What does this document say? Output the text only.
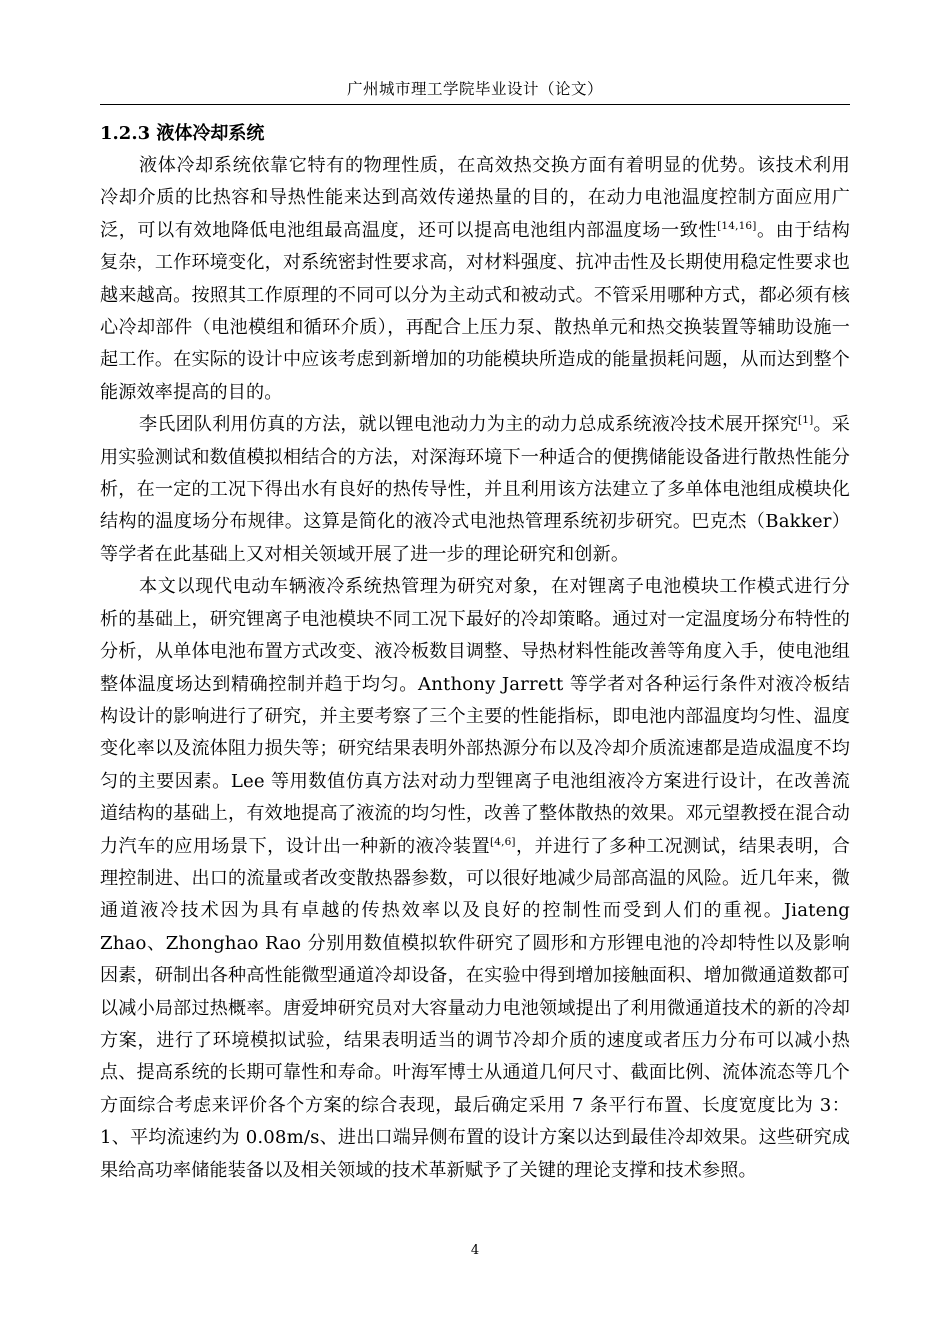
广州城市理工学院毕业设计（论文）
1.2.3 液体冷却系统

液体冷却系统依靠它特有的物理性质，在高效热交换方面有着明显的优势。该技术利用冷却介质的比热容和导热性能来达到高效传递热量的目的，在动力电池温度控制方面应用广泛，可以有效地降低电池组最高温度，还可以提高电池组内部温度场一致性[14,16]。由于结构复杂，工作环境变化，对系统密封性要求高，对材料强度、抗冲击性及长期使用稳定性要求也越来越高。按照其工作原理的不同可以分为主动式和被动式。不管采用哪种方式，都必须有核心冷却部件（电池模组和循环介质），再配合上压力泵、散热单元和热交换装置等辅助设施一起工作。在实际的设计中应该考虑到新增加的功能模块所造成的能量损耗问题，从而达到整个能源效率提高的目的。

李氏团队利用仿真的方法，就以锂电池动力为主的动力总成系统液冷技术展开探究[1]。采用实验测试和数值模拟相结合的方法，对深海环境下一种适合的便携储能设备进行散热性能分析，在一定的工况下得出水有良好的热传导性，并且利用该方法建立了多单体电池组成模块化结构的温度场分布规律。这算是简化的液冷式电池热管理系统初步研究。巴克杰（Bakker）等学者在此基础上又对相关领域开展了进一步的理论研究和创新。

本文以现代电动车辆液冷系统热管理为研究对象，在对锂离子电池模块工作模式进行分析的基础上，研究锂离子电池模块不同工况下最好的冷却策略。通过对一定温度场分布特性的分析，从单体电池布置方式改变、液冷板数目调整、导热材料性能改善等角度入手，使电池组整体温度场达到精确控制并趋于均匀。Anthony Jarrett 等学者对各种运行条件对液冷板结构设计的影响进行了研究，并主要考察了三个主要的性能指标，即电池内部温度均匀性、温度变化率以及流体阻力损失等；研究结果表明外部热源分布以及冷却介质流速都是造成温度不均匀的主要因素。Lee 等用数值仿真方法对动力型锂离子电池组液冷方案进行设计，在改善流道结构的基础上，有效地提高了液流的均匀性，改善了整体散热的效果。邓元望教授在混合动力汽车的应用场景下，设计出一种新的液冷装置[4,6]，并进行了多种工况测试，结果表明，合理控制进、出口的流量或者改变散热器参数，可以很好地减少局部高温的风险。近几年来，微通道液冷技术因为具有卓越的传热效率以及良好的控制性而受到人们的重视。Jiateng Zhao、Zhonghao Rao 分别用数值模拟软件研究了圆形和方形锂电池的冷却特性以及影响因素，研制出各种高性能微型通道冷却设备，在实验中得到增加接触面积、增加微通道数都可以减小局部过热概率。唐爱坤研究员对大容量动力电池领域提出了利用微通道技术的新的冷却方案，进行了环境模拟试验，结果表明适当的调节冷却介质的速度或者压力分布可以减小热点、提高系统的长期可靠性和寿命。叶海军博士从通道几何尺寸、截面比例、流体流态等几个方面综合考虑来评价各个方案的综合表现，最后确定采用 7 条平行布置、长度宽度比为 3：1、平均流速约为 0.08m/s、进出口端异侧布置的设计方案以达到最佳冷却效果。这些研究成果给高功率储能装备以及相关领域的技术革新赋予了关键的理论支撑和技术参照。

4
